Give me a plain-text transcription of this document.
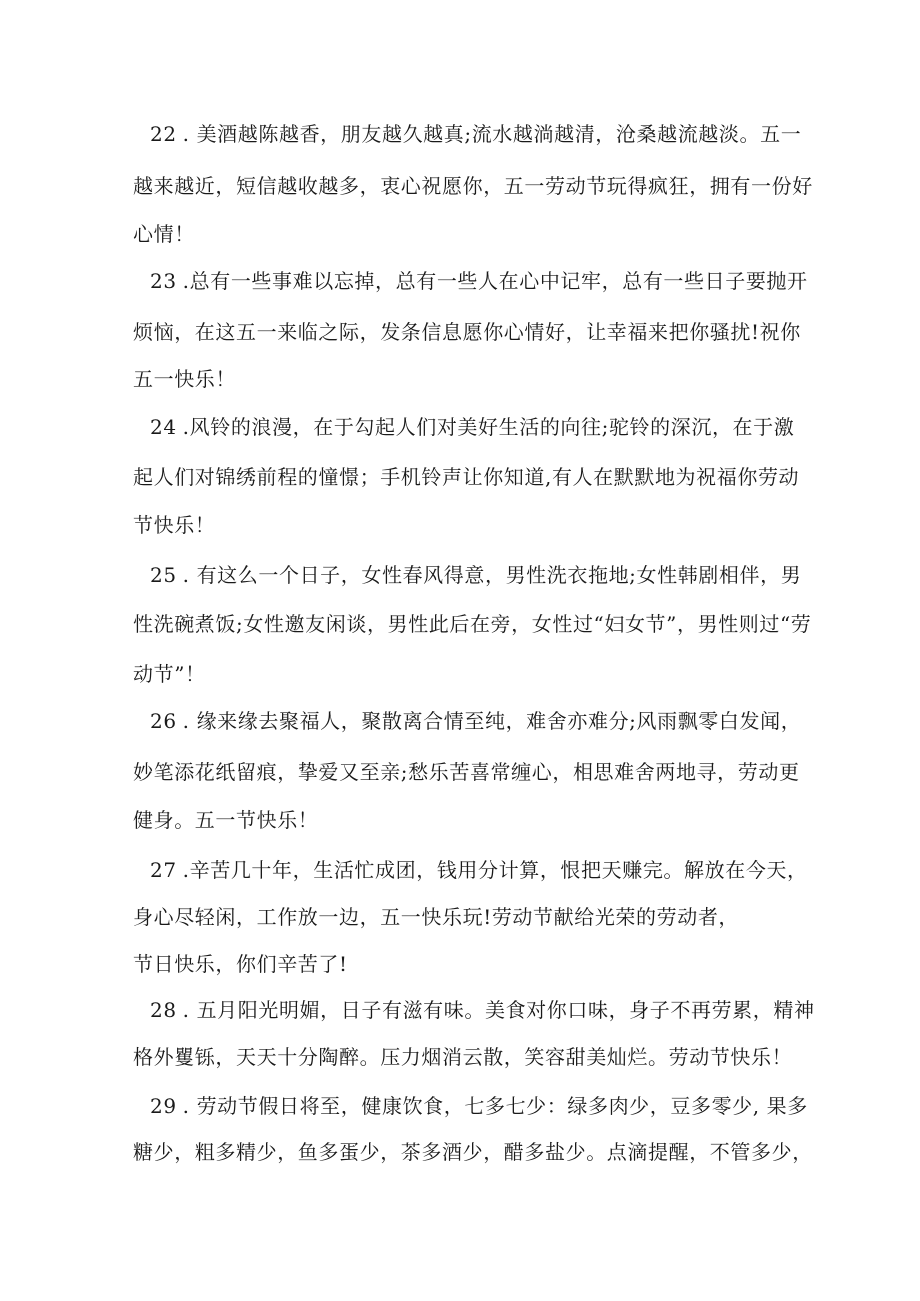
22 . 美酒越陈越香，朋友越久越真;流水越淌越清，沧桑越流越淡。五一
越来越近，短信越收越多，衷心祝愿你，五一劳动节玩得疯狂，拥有一份好
心情！
23 .总有一些事难以忘掉，总有一些人在心中记牢，总有一些日子要抛开
烦恼，在这五一来临之际，发条信息愿你心情好，让幸福来把你骚扰!祝你
五一快乐！
24 .风铃的浪漫，在于勾起人们对美好生活的向往;驼铃的深沉，在于激
起人们对锦绣前程的憧憬；手机铃声让你知道,有人在默默地为祝福你劳动
节快乐！
25 . 有这么一个日子，女性春风得意，男性洗衣拖地;女性韩剧相伴，男
性洗碗煮饭;女性邀友闲谈，男性此后在旁，女性过“妇女节”，男性则过“劳
动节”！
26 . 缘来缘去聚福人，聚散离合情至纯，难舍亦难分;风雨飘零白发闻，
妙笔添花纸留痕，挚爱又至亲;愁乐苦喜常缠心，相思难舍两地寻，劳动更
健身。五一节快乐！
27 .辛苦几十年，生活忙成团，钱用分计算，恨把天赚完。解放在今天，
身心尽轻闲，工作放一边，五一快乐玩!劳动节献给光荣的劳动者，
节日快乐，你们辛苦了!
28 . 五月阳光明媚，日子有滋有味。美食对你口味，身子不再劳累，精神
格外矍铄，天天十分陶醉。压力烟消云散，笑容甜美灿烂。劳动节快乐！
29 . 劳动节假日将至，健康饮食，七多七少：绿多肉少，豆多零少, 果多
糖少，粗多精少，鱼多蛋少，茶多酒少，醋多盐少。点滴提醒，不管多少，
